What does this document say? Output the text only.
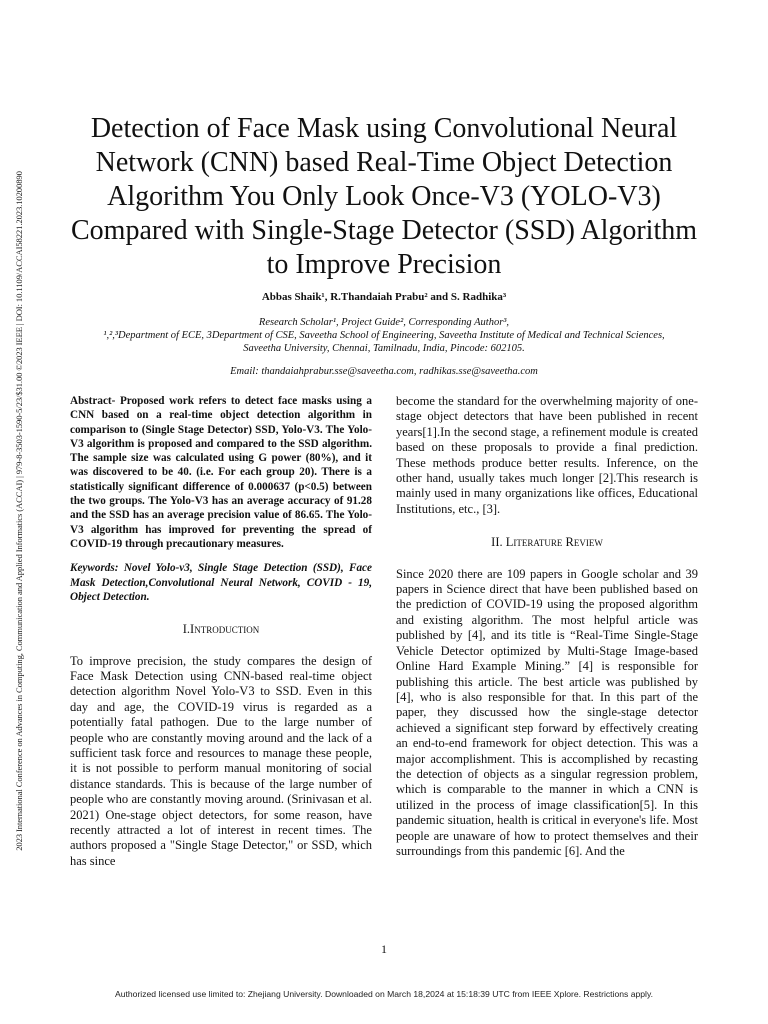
2023 International Conference on Advances in Computing, Communication and Applied Informatics (ACCAI) | 979-8-3503-1590-5/23/$31.00 ©2023 IEEE | DOI: 10.1109/ACCAI58221.2023.10200890
Detection of Face Mask using Convolutional Neural Network (CNN) based Real-Time Object Detection Algorithm You Only Look Once-V3 (YOLO-V3) Compared with Single-Stage Detector (SSD) Algorithm to Improve Precision
Abbas Shaik¹, R.Thandaiah Prabu² and S. Radhika³
Research Scholar¹, Project Guide², Corresponding Author³,
¹,²,³Department of ECE, 3Department of CSE, Saveetha School of Engineering, Saveetha Institute of Medical and Technical Sciences,
Saveetha University, Chennai, Tamilnadu, India, Pincode: 602105.
Email: thandaiahprabur.sse@saveetha.com, radhikas.sse@saveetha.com

Abstract- Proposed work refers to detect face masks using a CNN based on a real-time object detection algorithm in comparison to (Single Stage Detector) SSD, Yolo-V3. The Yolo-V3 algorithm is proposed and compared to the SSD algorithm. The sample size was calculated using G power (80%), and it was discovered to be 40. (i.e. For each group 20). There is a statistically significant difference of 0.000637 (p<0.5) between the two groups. The Yolo-V3 has an average accuracy of 91.28 and the SSD has an average precision value of 86.65. The Yolo-V3 algorithm has improved for preventing the spread of COVID-19 through precautionary measures.

Keywords: Novel Yolo-v3, Single Stage Detection (SSD), Face Mask Detection,Convolutional Neural Network, COVID - 19, Object Detection.

I.Introduction

To improve precision, the study compares the design of Face Mask Detection using CNN-based real-time object detection algorithm Novel Yolo-V3 to SSD. Even in this day and age, the COVID-19 virus is regarded as a potentially fatal pathogen. Due to the large number of people who are constantly moving around and the lack of a sufficient task force and resources to manage these people, it is not possible to perform manual monitoring of social distance standards. This is because of the large number of people who are constantly moving around. (Srinivasan et al. 2021) One-stage object detectors, for some reason, have recently attracted a lot of interest in recent times. The authors proposed a "Single Stage Detector," or SSD, which has since

become the standard for the overwhelming majority of one-stage object detectors that have been published in recent years[1].In the second stage, a refinement module is created based on these proposals to provide a final prediction. These methods produce better results. Inference, on the other hand, usually takes much longer [2].This research is mainly used in many organizations like offices, Educational Institutions, etc., [3].

II. Literature Review

Since 2020 there are 109 papers in Google scholar and 39 papers in Science direct that have been published based on the prediction of COVID-19 using the proposed algorithm and existing algorithm. The most helpful article was published by [4], and its title is “Real-Time Single-Stage Vehicle Detector optimized by Multi-Stage Image-based Online Hard Example Mining.” [4] is responsible for publishing this article. The best article was published by [4], who is also responsible for that. In this part of the paper, they discussed how the single-stage detector achieved a significant step forward by effectively creating an end-to-end framework for object detection. This was a major accomplishment. This is accomplished by recasting the detection of objects as a singular regression problem, which is comparable to the manner in which a CNN is utilized in the process of image classification[5]. In this pandemic situation, health is critical in everyone's life. Most people are unaware of how to protect themselves and their surroundings from this pandemic [6]. And the

1
Authorized licensed use limited to: Zhejiang University. Downloaded on March 18,2024 at 15:18:39 UTC from IEEE Xplore. Restrictions apply.
